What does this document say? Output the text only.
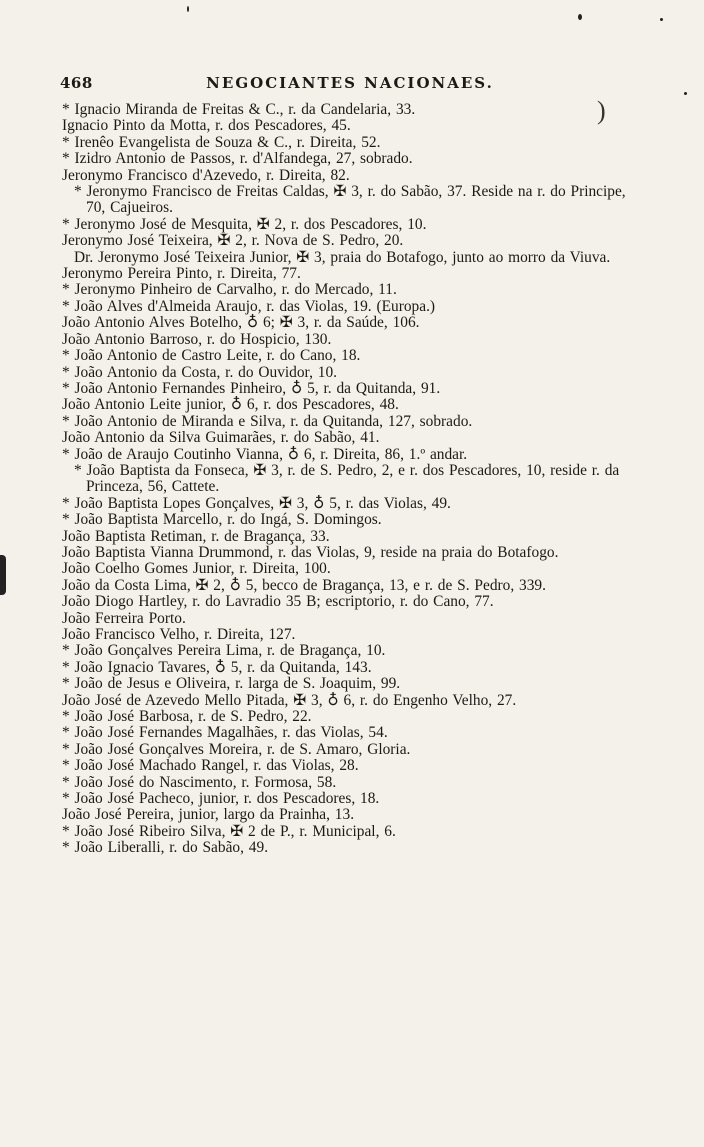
)
468	NEGOCIANTES NACIONAES.
* Ignacio Miranda de Freitas & C., r. da Candelaria, 33.
Ignacio Pinto da Motta, r. dos Pescadores, 45.
* Irenêo Evangelista de Souza & C., r. Direita, 52.
* Izidro Antonio de Passos, r. d'Alfandega, 27, sobrado.
Jeronymo Francisco d'Azevedo, r. Direita, 82.
* Jeronymo Francisco de Freitas Caldas, ✠ 3, r. do Sabão, 37. Reside na r. do Principe, 70, Cajueiros.
* Jeronymo José de Mesquita, ✠ 2, r. dos Pescadores, 10.
Jeronymo José Teixeira, ✠ 2, r. Nova de S. Pedro, 20.
Dr. Jeronymo José Teixeira Junior, ✠ 3, praia do Botafogo, junto ao morro da Viuva.
Jeronymo Pereira Pinto, r. Direita, 77.
* Jeronymo Pinheiro de Carvalho, r. do Mercado, 11.
* João Alves d'Almeida Araujo, r. das Violas, 19. (Europa.)
João Antonio Alves Botelho, ♁ 6; ✠ 3, r. da Saúde, 106.
João Antonio Barroso, r. do Hospicio, 130.
* João Antonio de Castro Leite, r. do Cano, 18.
* João Antonio da Costa, r. do Ouvidor, 10.
* João Antonio Fernandes Pinheiro, ♁ 5, r. da Quitanda, 91.
João Antonio Leite junior, ♁ 6, r. dos Pescadores, 48.
* João Antonio de Miranda e Silva, r. da Quitanda, 127, sobrado.
João Antonio da Silva Guimarães, r. do Sabão, 41.
* João de Araujo Coutinho Vianna, ♁ 6, r. Direita, 86, 1.º andar.
* João Baptista da Fonseca, ✠ 3, r. de S. Pedro, 2, e r. dos Pescadores, 10, reside r. da Princeza, 56, Cattete.
* João Baptista Lopes Gonçalves, ✠ 3, ♁ 5, r. das Violas, 49.
* João Baptista Marcello, r. do Ingá, S. Domingos.
João Baptista Retiman, r. de Bragança, 33.
João Baptista Vianna Drummond, r. das Violas, 9, reside na praia do Botafogo.
João Coelho Gomes Junior, r. Direita, 100.
João da Costa Lima, ✠ 2, ♁ 5, becco de Bragança, 13, e r. de S. Pedro, 339.
João Diogo Hartley, r. do Lavradio 35 B; escriptorio, r. do Cano, 77.
João Ferreira Porto.
João Francisco Velho, r. Direita, 127.
* João Gonçalves Pereira Lima, r. de Bragança, 10.
* João Ignacio Tavares, ♁ 5, r. da Quitanda, 143.
* João de Jesus e Oliveira, r. larga de S. Joaquim, 99.
João José de Azevedo Mello Pitada, ✠ 3, ♁ 6, r. do Engenho Velho, 27.
* João José Barbosa, r. de S. Pedro, 22.
* João José Fernandes Magalhães, r. das Violas, 54.
* João José Gonçalves Moreira, r. de S. Amaro, Gloria.
* João José Machado Rangel, r. das Violas, 28.
* João José do Nascimento, r. Formosa, 58.
* João José Pacheco, junior, r. dos Pescadores, 18.
João José Pereira, junior, largo da Prainha, 13.
* João José Ribeiro Silva, ✠ 2 de P., r. Municipal, 6.
* João Liberalli, r. do Sabão, 49.
